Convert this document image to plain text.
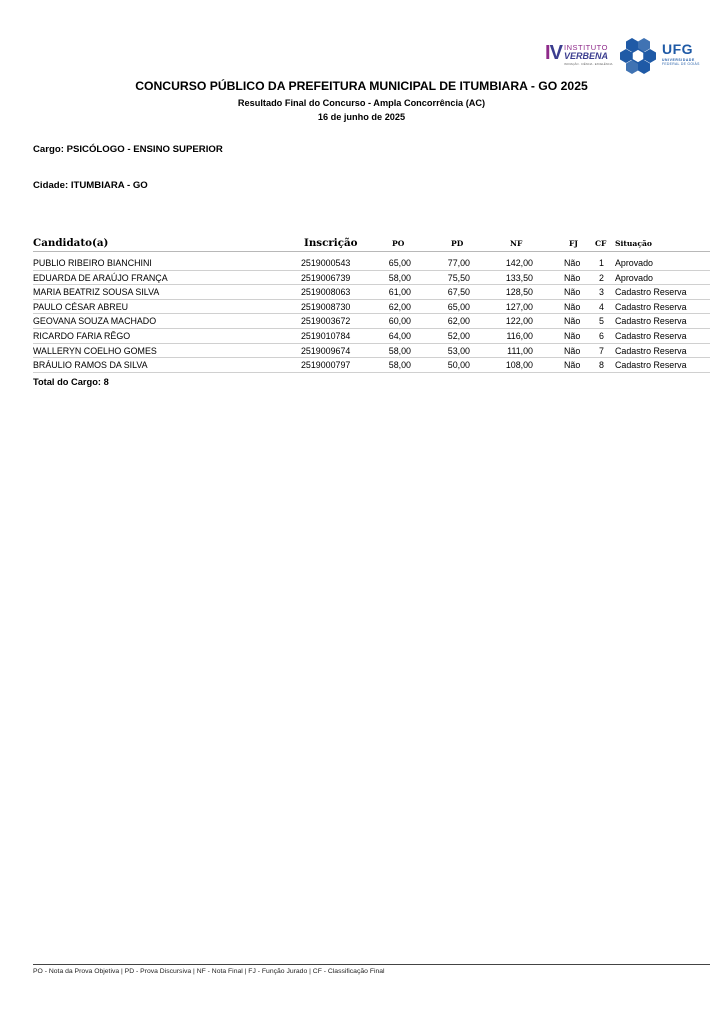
IV INSTITUTO
VERBENA
INOVAÇÃO · CIÊNCIA · EXCELÊNCIA
UFG
UNIVERSIDADE
FEDERAL DE GOIÁS
CONCURSO PÚBLICO DA PREFEITURA MUNICIPAL DE ITUMBIARA - GO 2025
Resultado Final do Concurso - Ampla Concorrência (AC)
16 de junho de 2025
Cargo: PSICÓLOGO - ENSINO SUPERIOR
Cidade: ITUMBIARA - GO
Candidato(a)	Inscrição	PO	PD	NF	FJ CF Situação
PUBLIO RIBEIRO BIANCHINI	2519000543	65,00	77,00	142,00	Não 1 Aprovado
EDUARDA DE ARAÚJO FRANÇA	2519006739	58,00	75,50	133,50	Não 2 Aprovado
MARIA BEATRIZ SOUSA SILVA	2519008063	61,00	67,50	128,50	Não 3 Cadastro Reserva
PAULO CÉSAR ABREU	2519008730	62,00	65,00	127,00	Não 4 Cadastro Reserva
GEOVANA SOUZA MACHADO	2519003672	60,00	62,00	122,00	Não 5 Cadastro Reserva
RICARDO FARIA RÊGO	2519010784	64,00	52,00	116,00	Não 6 Cadastro Reserva
WALLERYN COELHO GOMES	2519009674	58,00	53,00	111,00	Não 7 Cadastro Reserva
BRÁULIO RAMOS DA SILVA	2519000797	58,00	50,00	108,00	Não 8 Cadastro Reserva
Total do Cargo: 8
PO - Nota da Prova Objetiva | PD - Prova Discursiva | NF - Nota Final | FJ - Função Jurado | CF - Classificação Final
